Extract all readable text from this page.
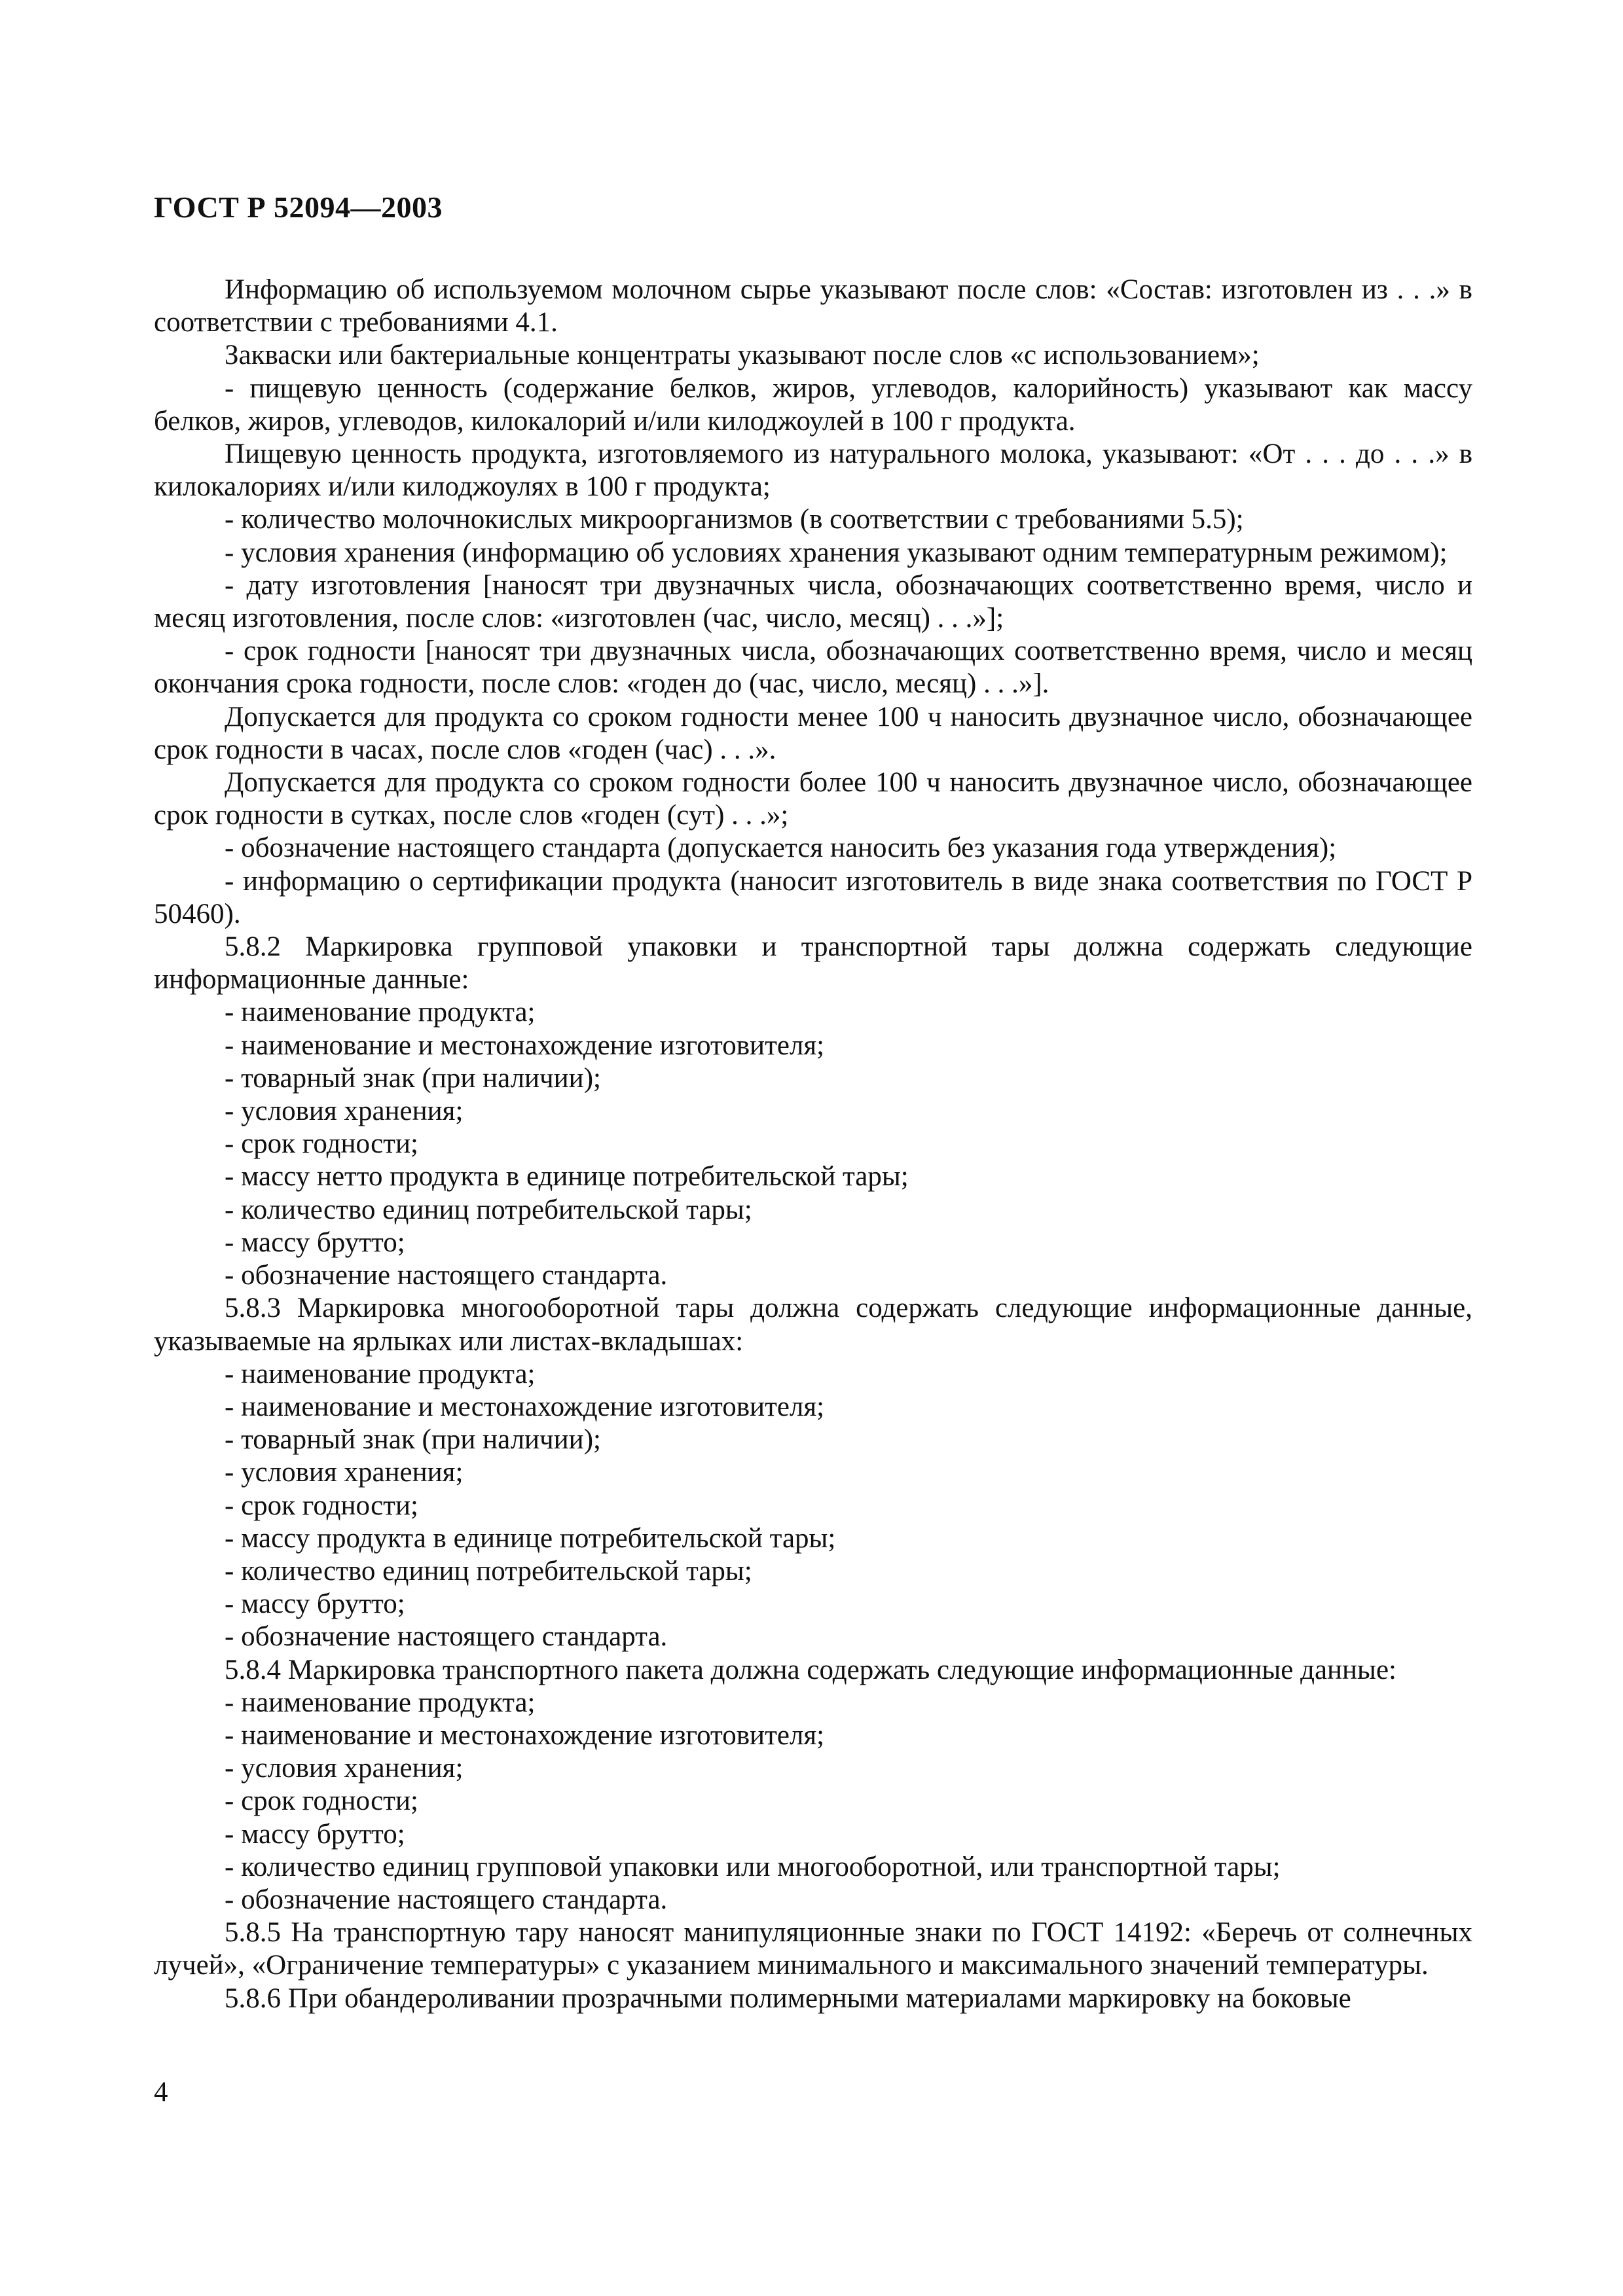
ГОСТ Р 52094—2003

Информацию об используемом молочном сырье указывают после слов: «Состав: изготовлен из . . .» в соответствии с требованиями 4.1.

Закваски или бактериальные концентраты указывают после слов «с использованием»;

- пищевую ценность (содержание белков, жиров, углеводов, калорийность) указывают как массу белков, жиров, углеводов, килокалорий и/или килоджоулей в 100 г продукта.

Пищевую ценность продукта, изготовляемого из натурального молока, указывают: «От . . . до . . .» в килокалориях и/или килоджоулях в 100 г продукта;

- количество молочнокислых микроорганизмов (в соответствии с требованиями 5.5);

- условия хранения (информацию об условиях хранения указывают одним температурным режимом);

- дату изготовления [наносят три двузначных числа, обозначающих соответственно время, число и месяц изготовления, после слов: «изготовлен (час, число, месяц) . . .»];

- срок годности [наносят три двузначных числа, обозначающих соответственно время, число и месяц окончания срока годности, после слов: «годен до (час, число, месяц) . . .»].

Допускается для продукта со сроком годности менее 100 ч наносить двузначное число, обозначающее срок годности в часах, после слов «годен (час) . . .».

Допускается для продукта со сроком годности более 100 ч наносить двузначное число, обозначающее срок годности в сутках, после слов «годен (сут) . . .»;

- обозначение настоящего стандарта (допускается наносить без указания года утверждения);

- информацию о сертификации продукта (наносит изготовитель в виде знака соответствия по ГОСТ Р 50460).

5.8.2 Маркировка групповой упаковки и транспортной тары должна содержать следующие информационные данные:

- наименование продукта;

- наименование и местонахождение изготовителя;

- товарный знак (при наличии);

- условия хранения;

- срок годности;

- массу нетто продукта в единице потребительской тары;

- количество единиц потребительской тары;

- массу брутто;

- обозначение настоящего стандарта.

5.8.3 Маркировка многооборотной тары должна содержать следующие информационные данные, указываемые на ярлыках или листах-вкладышах:

- наименование продукта;

- наименование и местонахождение изготовителя;

- товарный знак (при наличии);

- условия хранения;

- срок годности;

- массу продукта в единице потребительской тары;

- количество единиц потребительской тары;

- массу брутто;

- обозначение настоящего стандарта.

5.8.4 Маркировка транспортного пакета должна содержать следующие информационные данные:

- наименование продукта;

- наименование и местонахождение изготовителя;

- условия хранения;

- срок годности;

- массу брутто;

- количество единиц групповой упаковки или многооборотной, или транспортной тары;

- обозначение настоящего стандарта.

5.8.5 На транспортную тару наносят манипуляционные знаки по ГОСТ 14192: «Беречь от солнечных лучей», «Ограничение температуры» с указанием минимального и максимального значений температуры.

5.8.6 При обандероливании прозрачными полимерными материалами маркировку на боковые

4
